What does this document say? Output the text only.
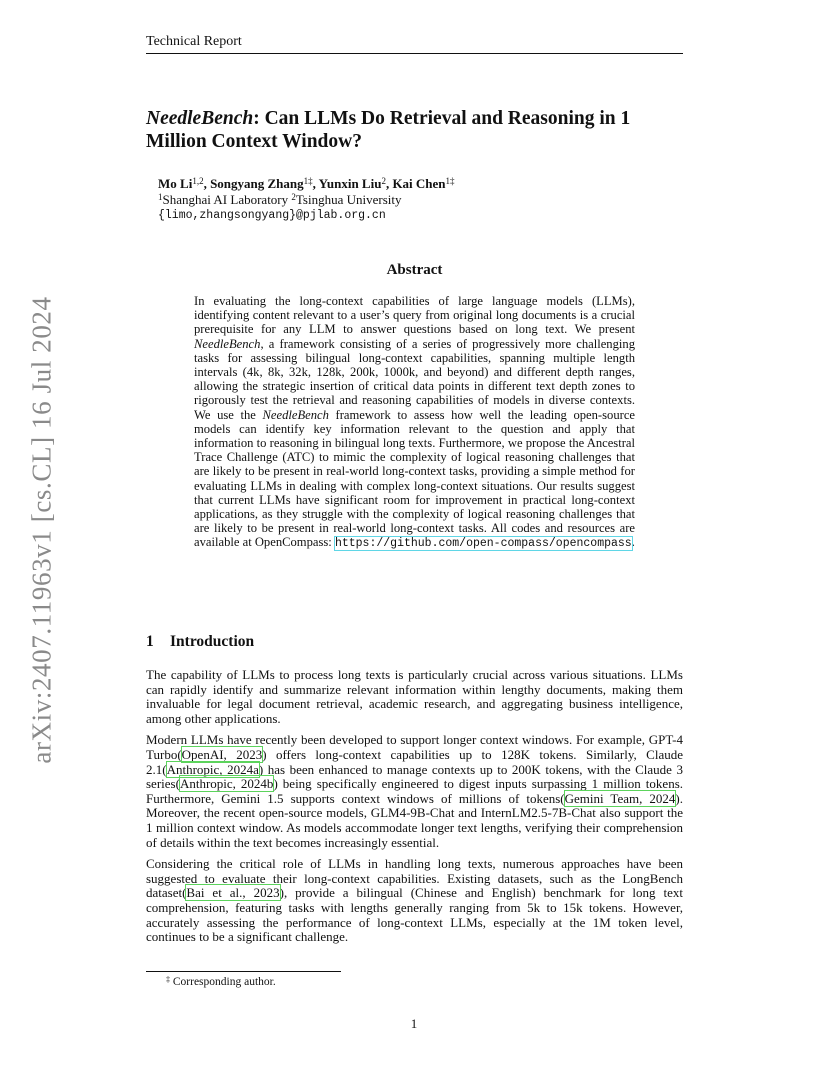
arXiv:2407.11963v1 [cs.CL] 16 Jul 2024
Technical Report
NeedleBench: Can LLMs Do Retrieval and Reasoning in 1 Million Context Window?
Mo Li$^{1,2}$, Songyang Zhang$^{1\ddagger}$, Yunxin Liu$^2$, Kai Chen$^{1\ddagger}$
$^1$Shanghai AI Laboratory $^2$Tsinghua University
{limo,zhangsongyang}@pjlab.org.cn
Abstract
In evaluating the long-context capabilities of large language models (LLMs), identifying content relevant to a user’s query from original long documents is a crucial prerequisite for any LLM to answer questions based on long text. We present NeedleBench, a framework consisting of a series of progressively more challenging tasks for assessing bilingual long-context capabilities, spanning multiple length intervals (4k, 8k, 32k, 128k, 200k, 1000k, and beyond) and different depth ranges, allowing the strategic insertion of critical data points in different text depth zones to rigorously test the retrieval and reasoning capabilities of models in diverse contexts. We use the NeedleBench framework to assess how well the leading open-source models can identify key information relevant to the question and apply that information to reasoning in bilingual long texts. Furthermore, we propose the Ancestral Trace Challenge (ATC) to mimic the complexity of logical reasoning challenges that are likely to be present in real-world long-context tasks, providing a simple method for evaluating LLMs in dealing with complex long-context situations. Our results suggest that current LLMs have significant room for improvement in practical long-context applications, as they struggle with the complexity of logical reasoning challenges that are likely to be present in real-world long-context tasks. All codes and resources are available at OpenCompass: https://github.com/open-compass/opencompass.
1 Introduction

The capability of LLMs to process long texts is particularly crucial across various situations. LLMs can rapidly identify and summarize relevant information within lengthy documents, making them invaluable for legal document retrieval, academic research, and aggregating business intelligence, among other applications.

Modern LLMs have recently been developed to support longer context windows. For example, GPT-4 Turbo(OpenAI, 2023) offers long-context capabilities up to 128K tokens. Similarly, Claude 2.1(Anthropic, 2024a) has been enhanced to manage contexts up to 200K tokens, with the Claude 3 series(Anthropic, 2024b) being specifically engineered to digest inputs surpassing 1 million tokens. Furthermore, Gemini 1.5 supports context windows of millions of tokens(Gemini Team, 2024). Moreover, the recent open-source models, GLM4-9B-Chat and InternLM2.5-7B-Chat also support the 1 million context window. As models accommodate longer text lengths, verifying their comprehension of details within the text becomes increasingly essential.

Considering the critical role of LLMs in handling long texts, numerous approaches have been suggested to evaluate their long-context capabilities. Existing datasets, such as the LongBench dataset(Bai et al., 2023), provide a bilingual (Chinese and English) benchmark for long text comprehension, featuring tasks with lengths generally ranging from 5k to 15k tokens. However, accurately assessing the performance of long-context LLMs, especially at the 1M token level, continues to be a significant challenge.

‡ Corresponding author.
1
